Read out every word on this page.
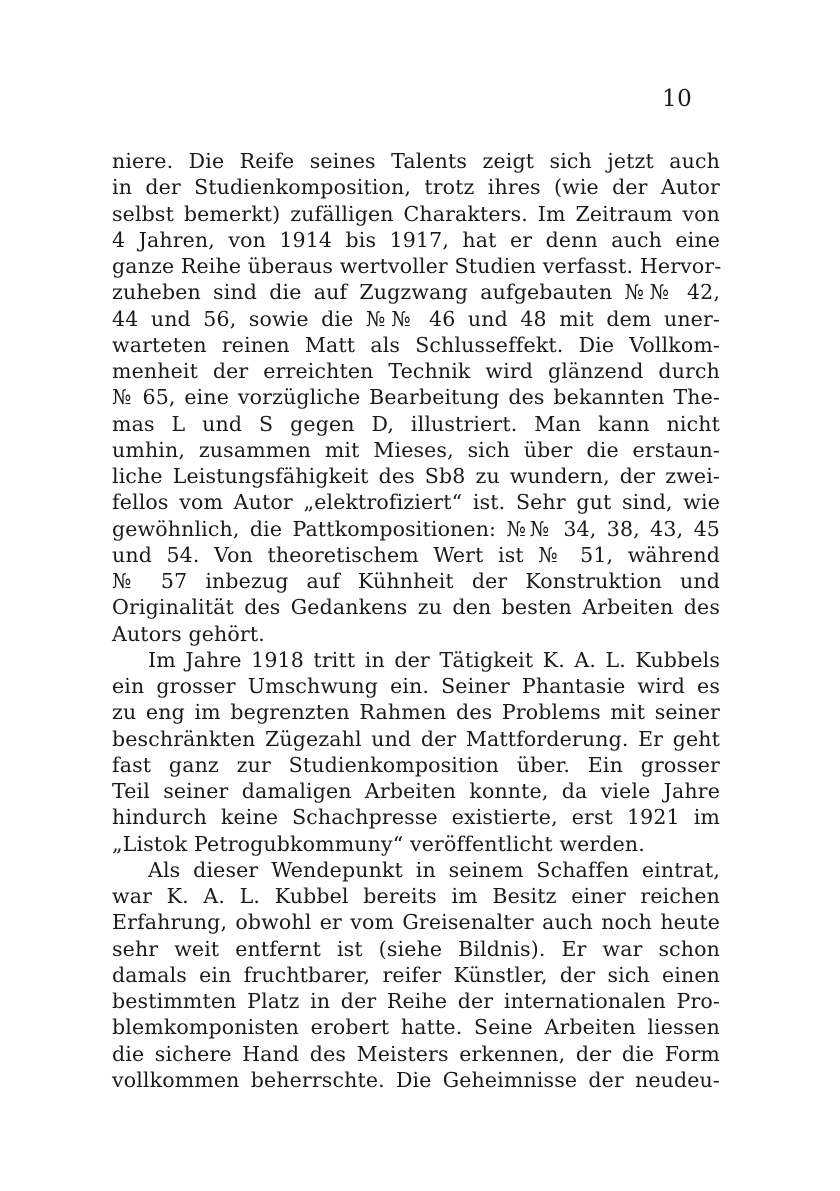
10
niere. Die Reife seines Talents zeigt sich jetzt auch
in der Studienkomposition, trotz ihres (wie der Autor
selbst bemerkt) zufälligen Charakters. Im Zeitraum von
4 Jahren, von 1914 bis 1917, hat er denn auch eine
ganze Reihe überaus wertvoller Studien verfasst. Hervor-
zuheben sind die auf Zugzwang aufgebauten №№ 42,
44 und 56, sowie die №№ 46 und 48 mit dem uner-
warteten reinen Matt als Schlusseffekt. Die Vollkom-
menheit der erreichten Technik wird glänzend durch
№ 65, eine vorzügliche Bearbeitung des bekannten The-
mas L und S gegen D, illustriert. Man kann nicht
umhin, zusammen mit Mieses, sich über die erstaun-
liche Leistungsfähigkeit des Sb8 zu wundern, der zwei-
fellos vom Autor „elektrofiziert“ ist. Sehr gut sind, wie
gewöhnlich, die Pattkompositionen: №№ 34, 38, 43, 45
und 54. Von theoretischem Wert ist № 51, während
№ 57 inbezug auf Kühnheit der Konstruktion und
Originalität des Gedankens zu den besten Arbeiten des
Autors gehört.
Im Jahre 1918 tritt in der Tätigkeit K. A. L. Kubbels
ein grosser Umschwung ein. Seiner Phantasie wird es
zu eng im begrenzten Rahmen des Problems mit seiner
beschränkten Zügezahl und der Mattforderung. Er geht
fast ganz zur Studienkomposition über. Ein grosser
Teil seiner damaligen Arbeiten konnte, da viele Jahre
hindurch keine Schachpresse existierte, erst 1921 im
„Listok Petrogubkommuny“ veröffentlicht werden.
Als dieser Wendepunkt in seinem Schaffen eintrat,
war K. A. L. Kubbel bereits im Besitz einer reichen
Erfahrung, obwohl er vom Greisenalter auch noch heute
sehr weit entfernt ist (siehe Bildnis). Er war schon
damals ein fruchtbarer, reifer Künstler, der sich einen
bestimmten Platz in der Reihe der internationalen Pro-
blemkomponisten erobert hatte. Seine Arbeiten liessen
die sichere Hand des Meisters erkennen, der die Form
vollkommen beherrschte. Die Geheimnisse der neudeu-
